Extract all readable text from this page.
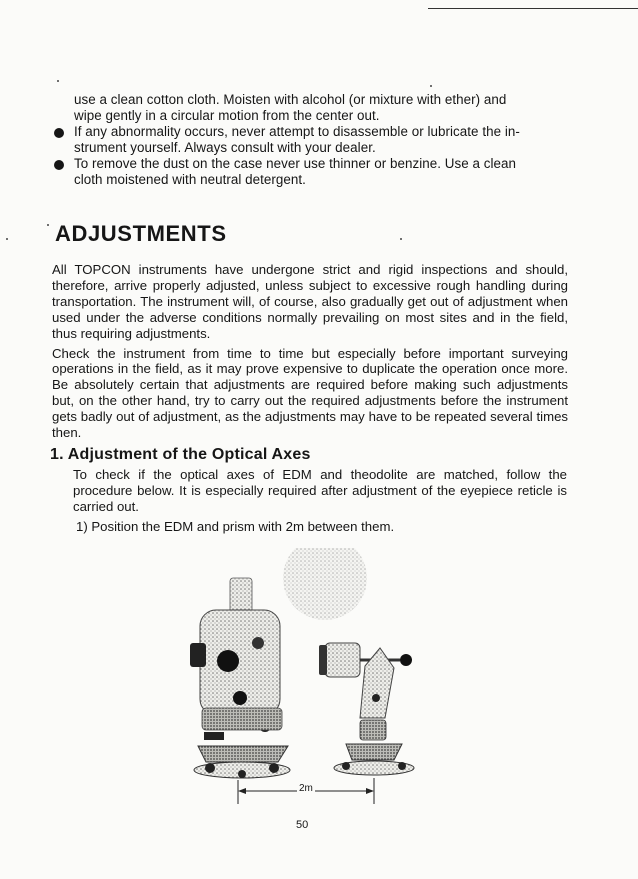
use a clean cotton cloth. Moisten with alcohol (or mixture with ether) and

wipe gently in a circular motion from the center out.

If any abnormality occurs, never attempt to disassemble or lubricate the in-

strument yourself. Always consult with your dealer.

To remove the dust on the case never use thinner or benzine. Use a clean

cloth moistened with neutral detergent.

ADJUSTMENTS

All TOPCON instruments have undergone strict and rigid inspections and should, therefore, arrive properly adjusted, unless subject to excessive rough handling during transportation. The instrument will, of course, also gradually get out of adjustment when used under the adverse conditions normally prevailing on most sites and in the field, thus requiring adjustments.

Check the instrument from time to time but especially before important surveying operations in the field, as it may prove expensive to duplicate the operation once more. Be absolutely certain that adjustments are required before making such adjustments but, on the other hand, try to carry out the required adjustments before the instrument gets badly out of adjustment, as the adjustments may have to be repeated several times then.

1. Adjustment of the Optical Axes

To check if the optical axes of EDM and theodolite are matched, follow the procedure below. It is especially required after adjustment of the eyepiece reticle is carried out.

1) Position the EDM and prism with 2m between them.

2m
50
